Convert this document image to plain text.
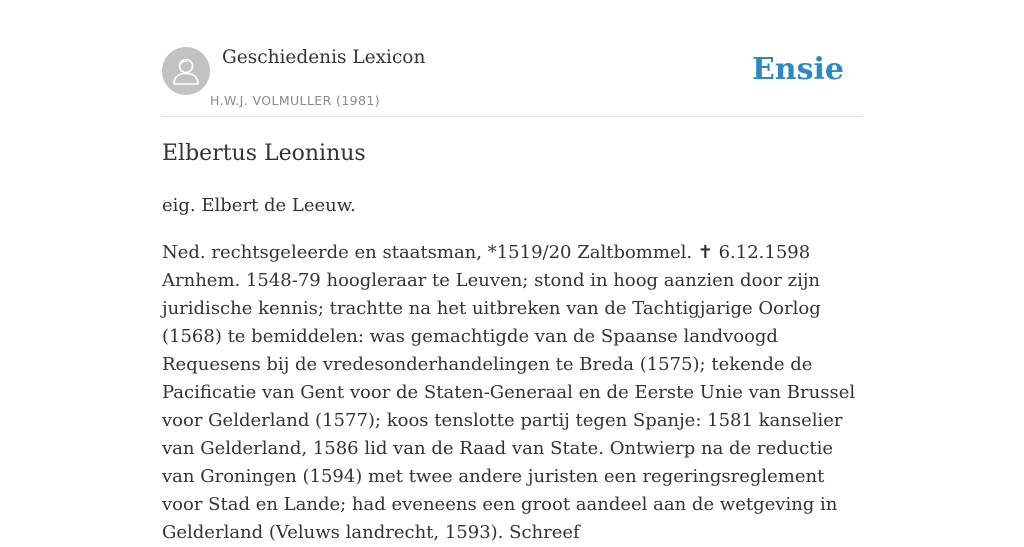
Geschiedenis Lexicon
H.W.J. VOLMULLER (1981)
Ensie
Elbertus Leoninus

eig. Elbert de Leeuw.

Ned. rechtsgeleerde en staatsman, *1519/20 Zaltbommel. ✝ 6.12.1598 Arnhem. 1548-79 hoogleraar te Leuven; stond in hoog aanzien door zijn juridische kennis; trachtte na het uitbreken van de Tachtigjarige Oorlog (1568) te bemiddelen: was gemachtigde van de Spaanse landvoogd Requesens bij de vredesonderhandelingen te Breda (1575); tekende de Pacificatie van Gent voor de Staten-Generaal en de Eerste Unie van Brussel voor Gelderland (1577); koos tenslotte partij tegen Spanje: 1581 kanselier van Gelderland, 1586 lid van de Raad van State. Ontwierp na de reductie van Groningen (1594) met twee andere juristen een regeringsreglement voor Stad en Lande; had eveneens een groot aandeel aan de wetgeving in Gelderland (Veluws landrecht, 1593). Schreef
